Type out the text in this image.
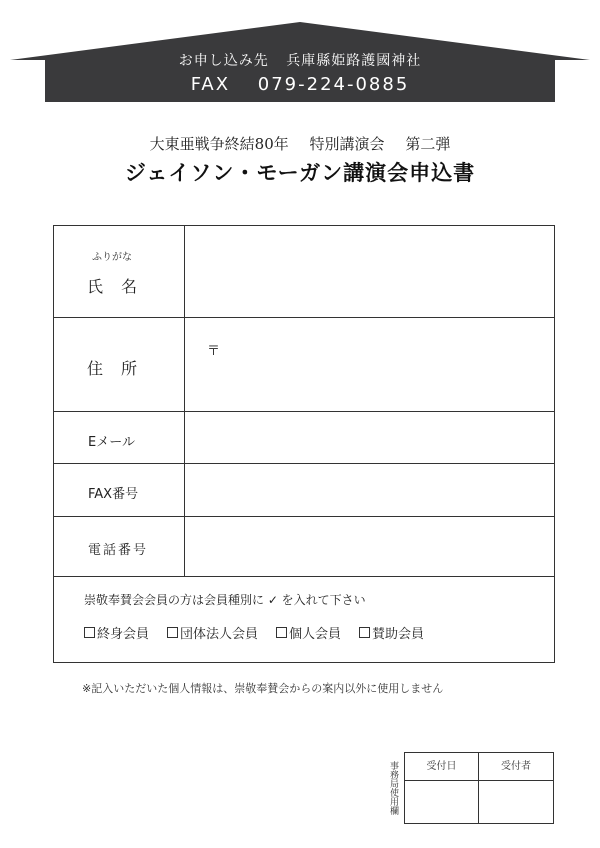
お申し込み先 兵庫縣姫路護國神社
FAX 079-224-0885
大東亜戦争終結80年 特別講演会 第二弾
ジェイソン・モーガン講演会申込書
ふりがな
氏名
住所
〒
Eメール
FAX番号
電話番号
崇敬奉賛会会員の方は会員種別に ✓ を入れて下さい
終身会員 団体法人会員 個人会員 賛助会員
※記入いただいた個人情報は、崇敬奉賛会からの案内以外に使用しません
事務局使用欄	受付日	受付者
